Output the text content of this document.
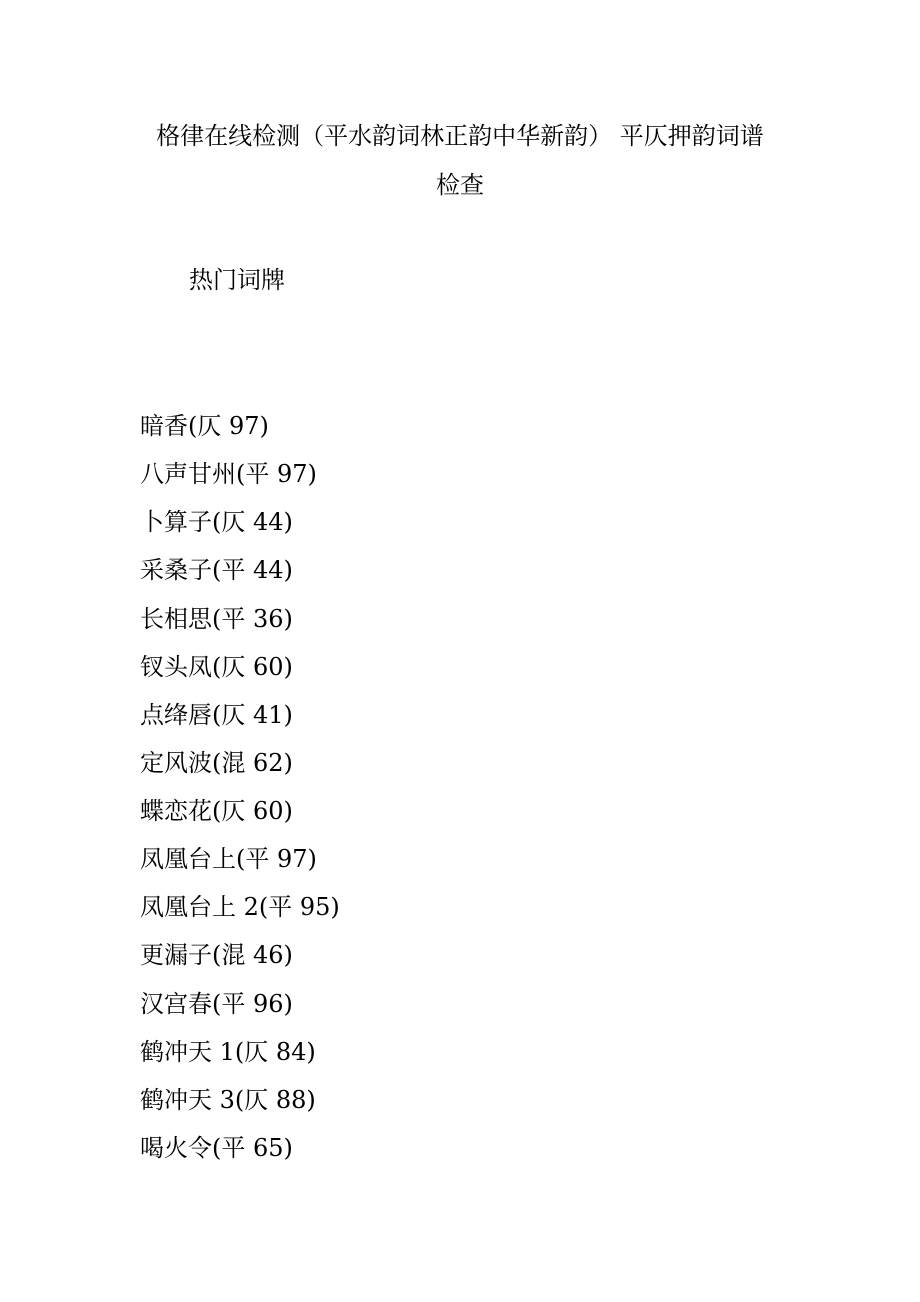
格律在线检测（平水韵词林正韵中华新韵） 平仄押韵词谱
检查
热门词牌
暗香(仄 97)
八声甘州(平 97)
卜算子(仄 44)
采桑子(平 44)
长相思(平 36)
钗头凤(仄 60)
点绛唇(仄 41)
定风波(混 62)
蝶恋花(仄 60)
凤凰台上(平 97)
凤凰台上 2(平 95)
更漏子(混 46)
汉宫春(平 96)
鹤冲天 1(仄 84)
鹤冲天 3(仄 88)
喝火令(平 65)
